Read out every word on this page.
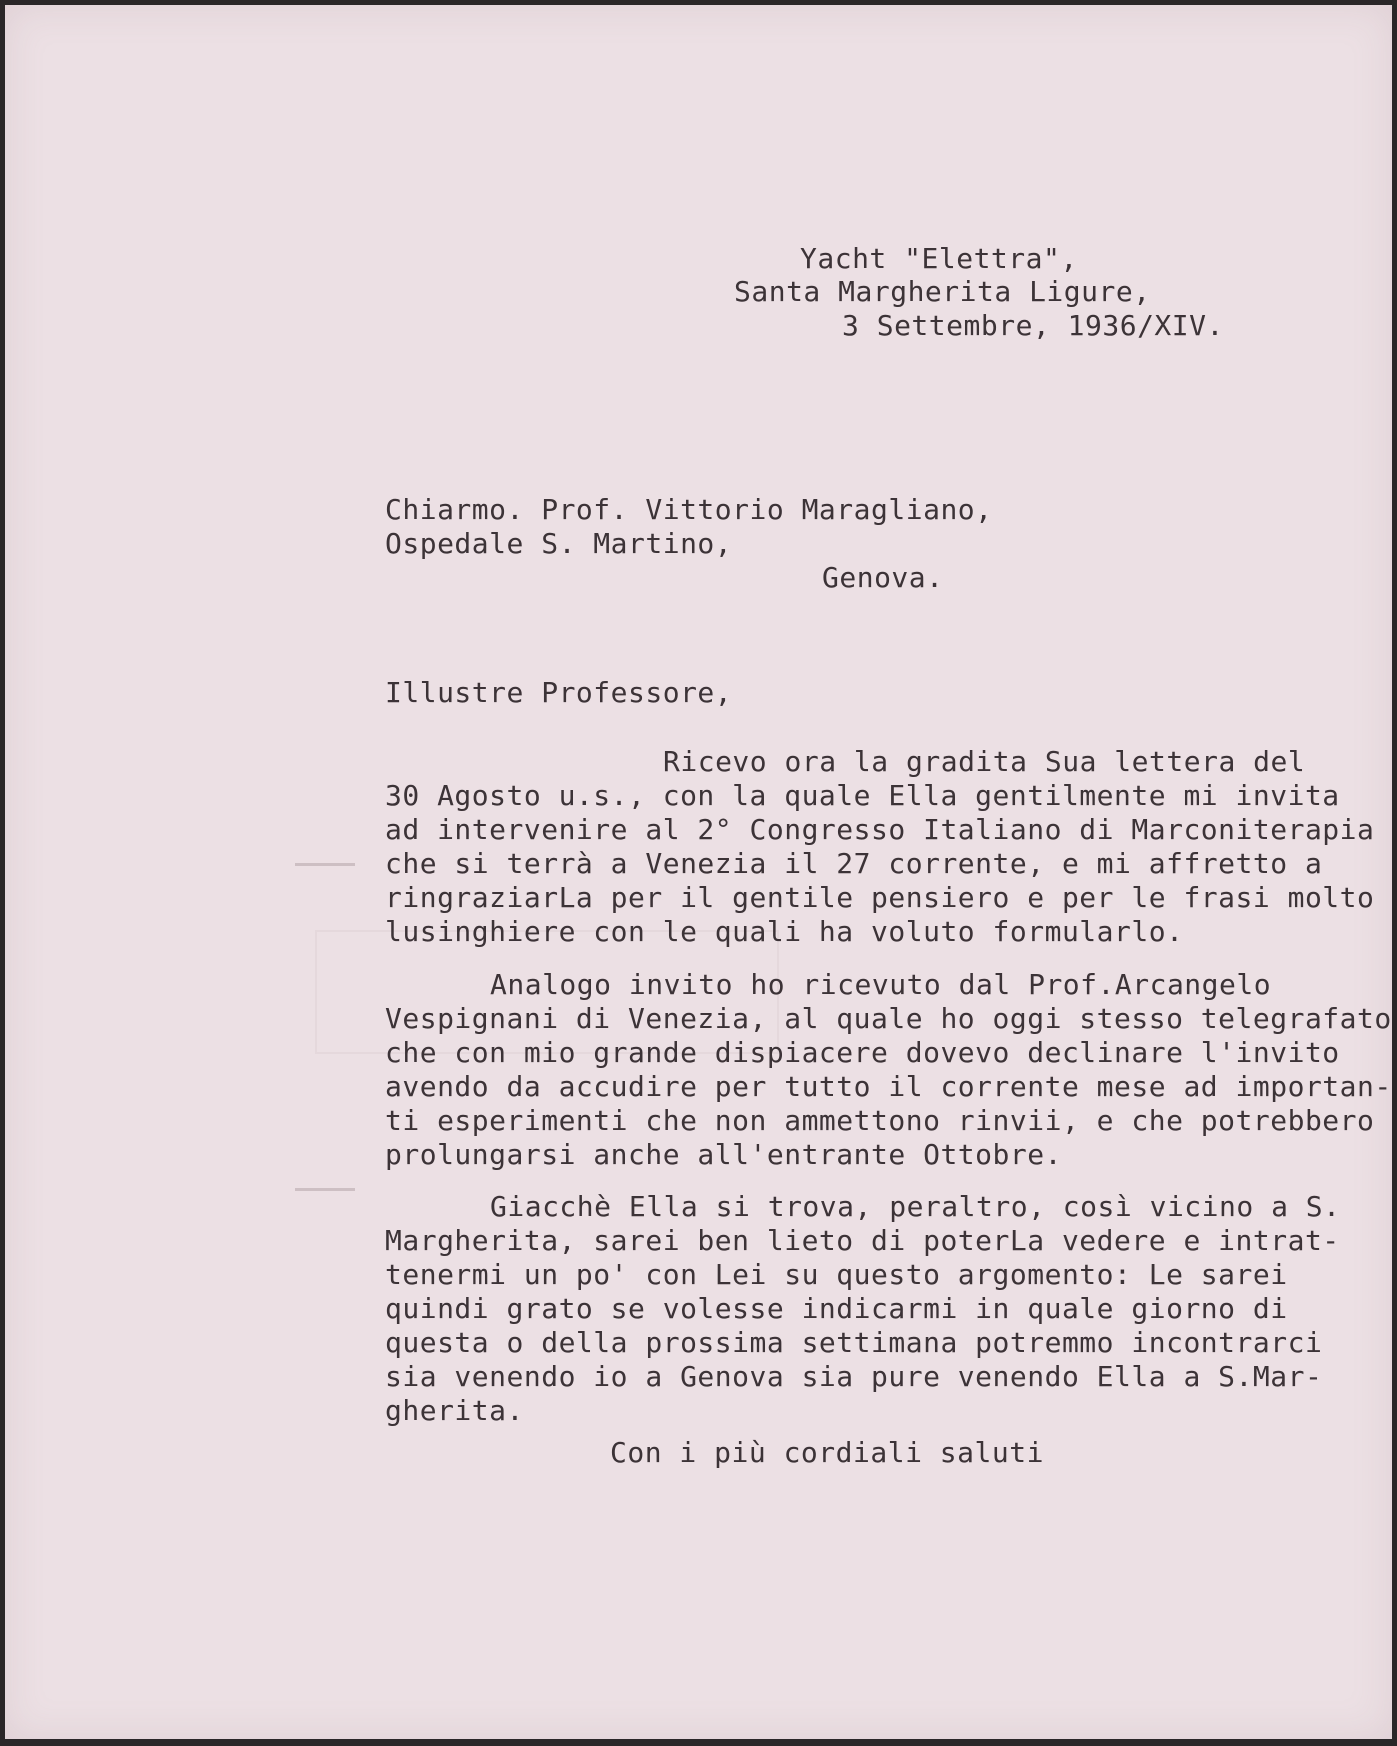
Yacht "Elettra",
Santa Margherita Ligure,
3 Settembre, 1936/XIV.
Chiarmo. Prof. Vittorio Maragliano,
Ospedale S. Martino,
Genova.
Illustre Professore,
Ricevo ora la gradita Sua lettera del
30 Agosto u.s., con la quale Ella gentilmente mi invita
ad intervenire al 2° Congresso Italiano di Marconiterapia
che si terrà a Venezia il 27 corrente, e mi affretto a
ringraziarLa per il gentile pensiero e per le frasi molto
lusinghiere con le quali ha voluto formularlo.
Analogo invito ho ricevuto dal Prof.Arcangelo
Vespignani di Venezia, al quale ho oggi stesso telegrafato
che con mio grande dispiacere dovevo declinare l'invito
avendo da accudire per tutto il corrente mese ad importan-
ti esperimenti che non ammettono rinvii, e che potrebbero
prolungarsi anche all'entrante Ottobre.
Giacchè Ella si trova, peraltro, così vicino a S.
Margherita, sarei ben lieto di poterLa vedere e intrat-
tenermi un po' con Lei su questo argomento: Le sarei
quindi grato se volesse indicarmi in quale giorno di
questa o della prossima settimana potremmo incontrarci
sia venendo io a Genova sia pure venendo Ella a S.Mar-
gherita.
Con i più cordiali saluti
